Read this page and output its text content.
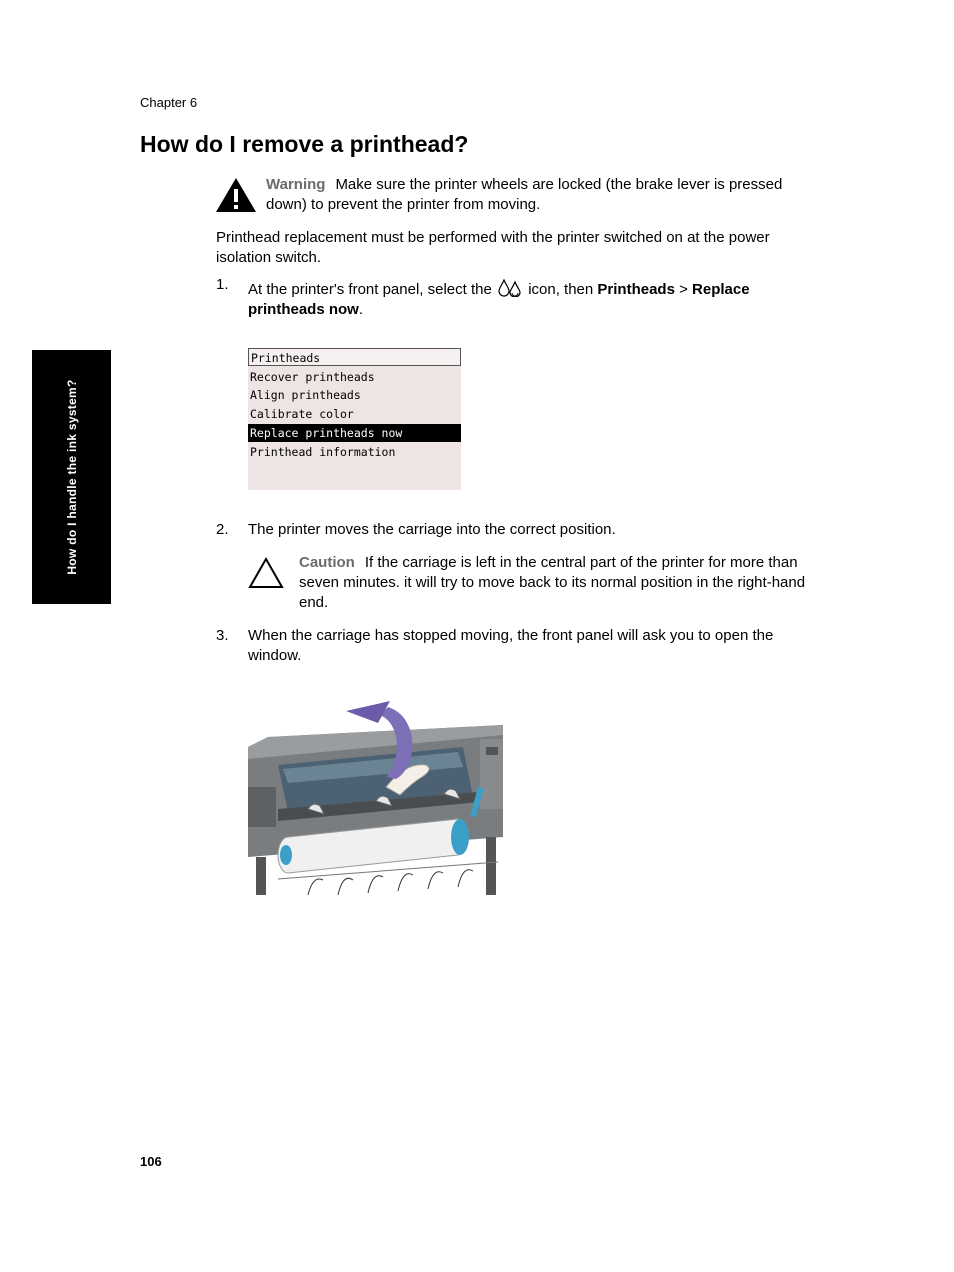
Chapter 6
How do I remove a printhead?
Warning Make sure the printer wheels are locked (the brake lever is pressed down) to prevent the printer from moving.
Printhead replacement must be performed with the printer switched on at the power isolation switch.
1. At the printer's front panel, select the icon, then Printheads > Replace printheads now.
Printheads
Recover printheads
Align printheads
Calibrate color
Replace printheads now
Printhead information
2. The printer moves the carriage into the correct position.
Caution If the carriage is left in the central part of the printer for more than seven minutes. it will try to move back to its normal position in the right-hand end.
3. When the carriage has stopped moving, the front panel will ask you to open the window.
How do I handle the ink system?
106
